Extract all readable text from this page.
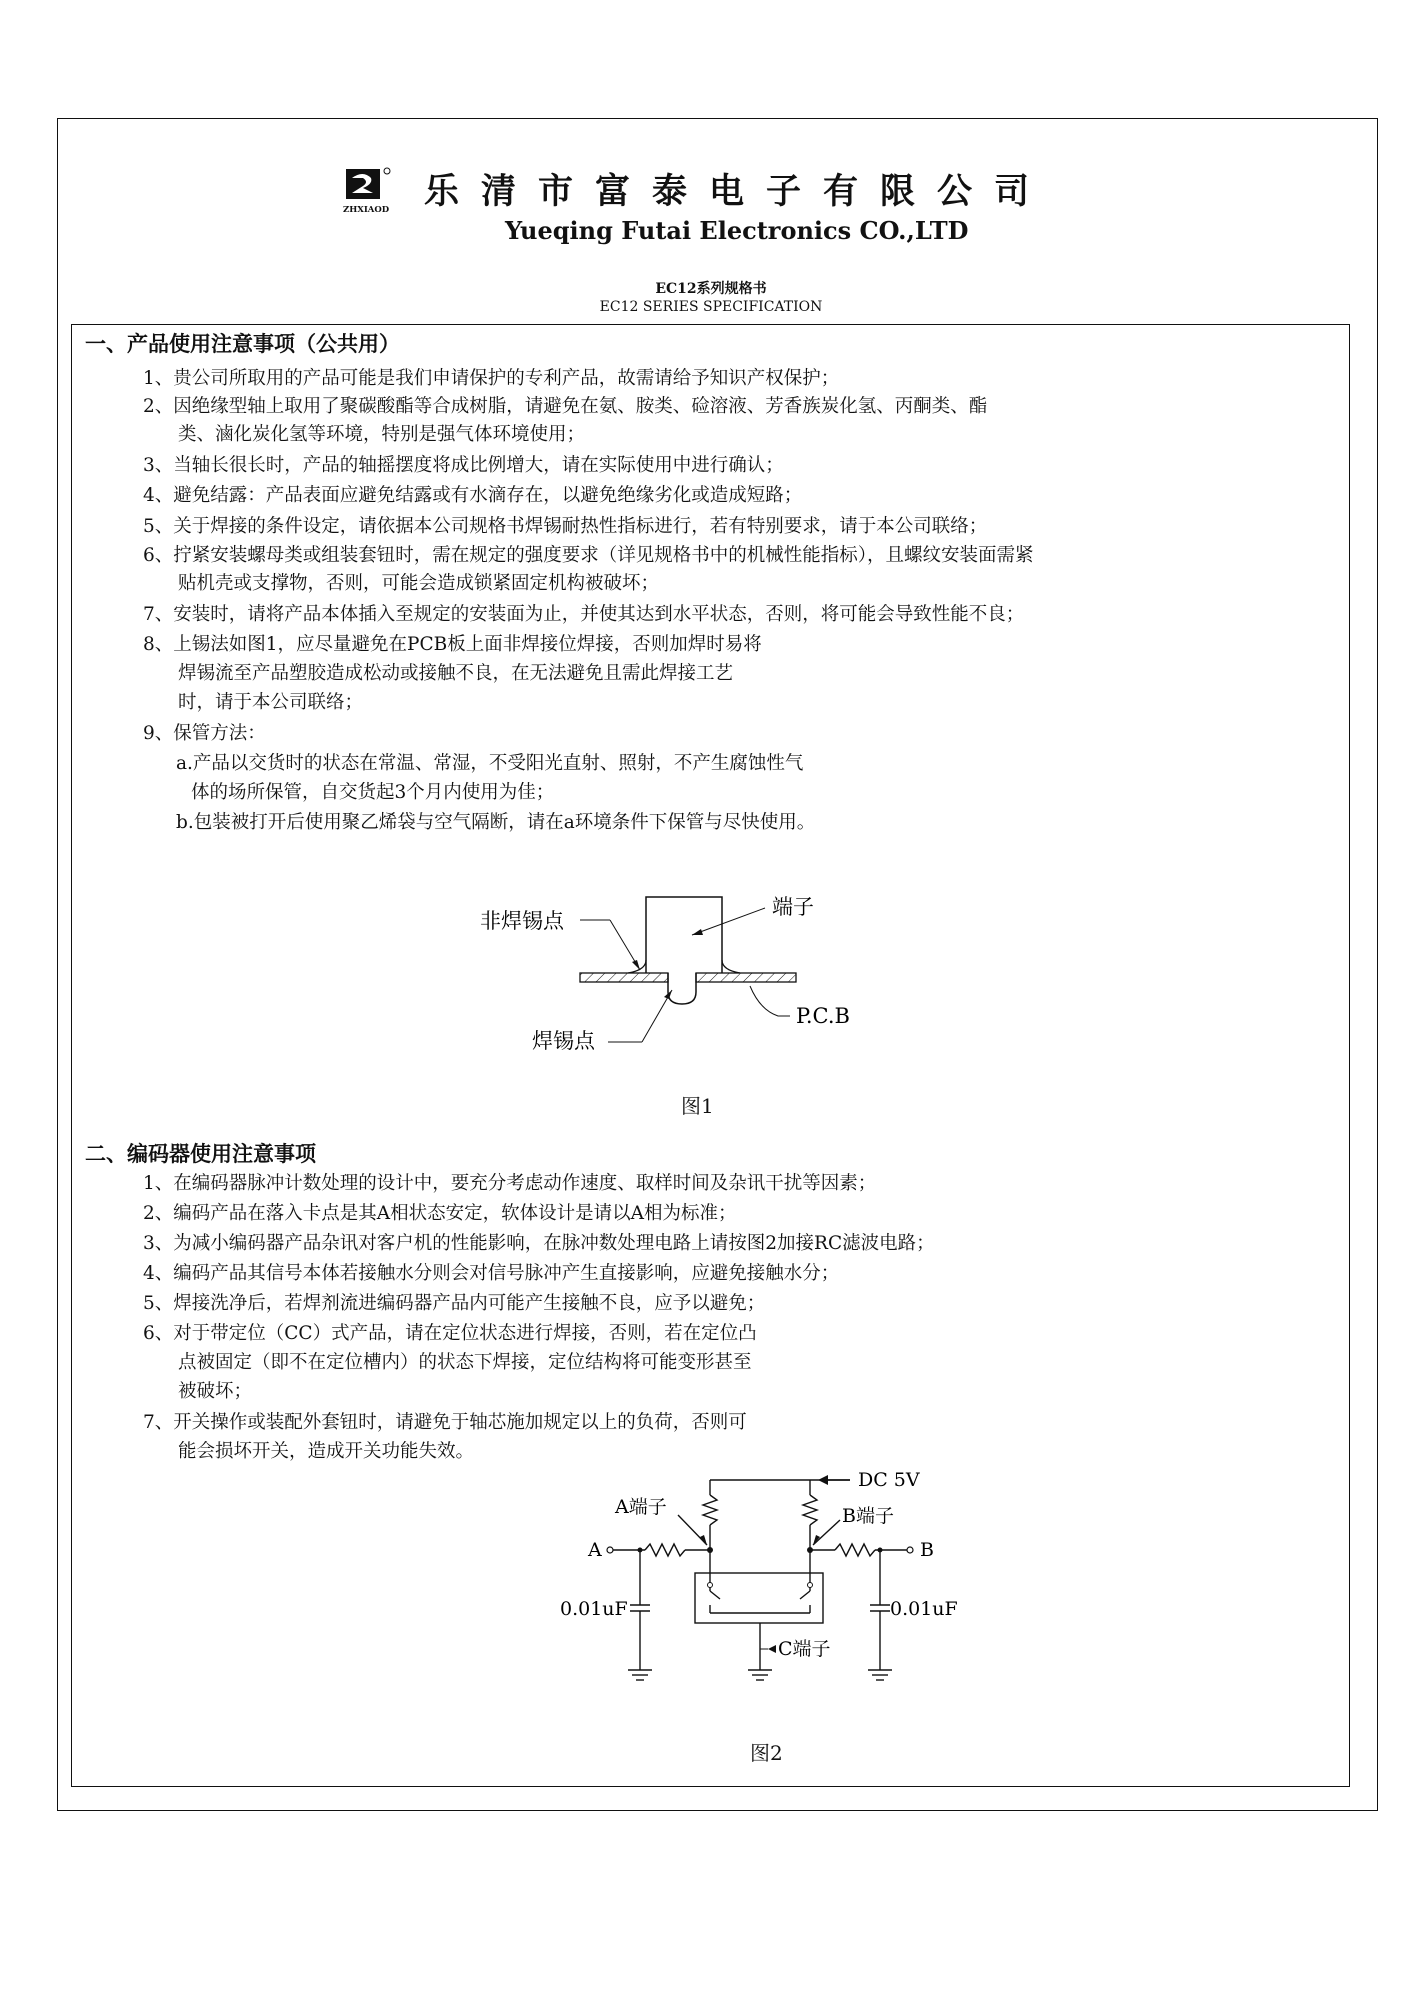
ZHXIAOD 乐清市富泰电子有限公司
Yueqing Futai Electronics CO.,LTD
EC12系列规格书
EC12 SERIES SPECIFICATION
一、产品使用注意事项（公共用）
1、贵公司所取用的产品可能是我们申请保护的专利产品，故需请给予知识产权保护；
2、因绝缘型轴上取用了聚碳酸酯等合成树脂，请避免在氨、胺类、硷溶液、芳香族炭化氢、丙酮类、酯
类、滷化炭化氢等环境，特别是强气体环境使用；
3、当轴长很长时，产品的轴摇摆度将成比例增大，请在实际使用中进行确认；
4、避免结露：产品表面应避免结露或有水滴存在，以避免绝缘劣化或造成短路；
5、关于焊接的条件设定，请依据本公司规格书焊锡耐热性指标进行，若有特别要求，请于本公司联络；
6、拧紧安装螺母类或组装套钮时，需在规定的强度要求（详见规格书中的机械性能指标），且螺纹安装面需紧
贴机壳或支撑物，否则，可能会造成锁紧固定机构被破坏；
7、安装时，请将产品本体插入至规定的安装面为止，并使其达到水平状态，否则，将可能会导致性能不良；
8、上锡法如图1，应尽量避免在PCB板上面非焊接位焊接，否则加焊时易将
焊锡流至产品塑胶造成松动或接触不良，在无法避免且需此焊接工艺
时，请于本公司联络；
9、保管方法：
a.产品以交货时的状态在常温、常湿，不受阳光直射、照射，不产生腐蚀性气
体的场所保管，自交货起3个月内使用为佳；
b.包装被打开后使用聚乙烯袋与空气隔断，请在a环境条件下保管与尽快使用。
非焊锡点
端子
焊锡点
P.C.B
图1
二、编码器使用注意事项
1、在编码器脉冲计数处理的设计中，要充分考虑动作速度、取样时间及杂讯干扰等因素；
2、编码产品在落入卡点是其A相状态安定，软体设计是请以A相为标准；
3、为减小编码器产品杂讯对客户机的性能影响，在脉冲数处理电路上请按图2加接RC滤波电路；
4、编码产品其信号本体若接触水分则会对信号脉冲产生直接影响，应避免接触水分；
5、焊接洗净后，若焊剂流进编码器产品内可能产生接触不良，应予以避免；
6、对于带定位（CC）式产品，请在定位状态进行焊接，否则，若在定位凸
点被固定（即不在定位槽内）的状态下焊接，定位结构将可能变形甚至
被破坏；
7、开关操作或装配外套钮时，请避免于轴芯施加规定以上的负荷，否则可
能会损坏开关，造成开关功能失效。
DC 5V
A端子	B端子
A	B
0.01uF	0.01uF
C端子
图2
